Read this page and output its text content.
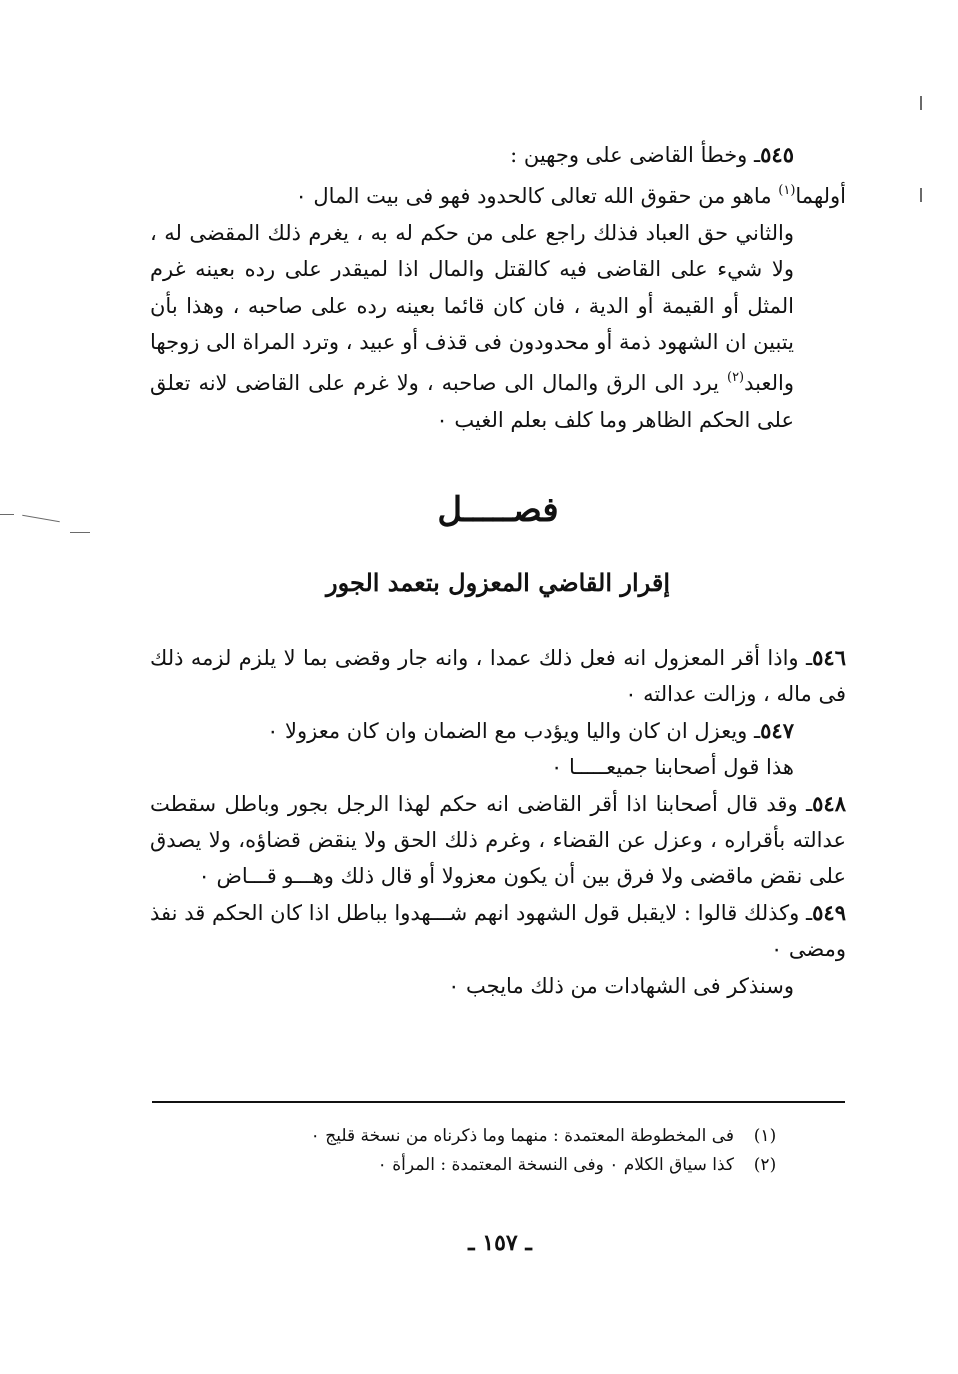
٥٤٥ـ وخطأ القاضى على وجهين :

أولهما$^{(١)}$ ماهو من حقوق الله تعالى كالحدود فهو فى بيت المال ٠

والثاني حق العباد فذلك راجع على من حكم له به ، يغرم ذلك المقضى له ، ولا شيء على القاضى فيه كالقتل والمال اذا لميقدر على رده بعينه غرم المثل أو القيمة أو الدية ، فان كان قائما بعينه رده على صاحبه ، وهذا بأن يتبين ان الشهود ذمة أو محدودون فى قذف أو عبيد ، وترد المراة الى زوجها والعبد$^{(٢)}$ يرد الى الرق والمال الى صاحبه ، ولا غرم على القاضى لانه تعلق على الحكم الظاهر وما كلف بعلم الغيب ٠

فصـــــل
إقرار القاضي المعزول بتعمد الجور

٥٤٦ـ واذا أقر المعزول انه فعل ذلك عمدا ، وانه جار وقضى بما لا يلزم لزمه ذلك فى ماله ، وزالت عدالته ٠

٥٤٧ـ ويعزل ان كان واليا ويؤدب مع الضمان وان كان معزولا ٠

هذا قول أصحابنا جميعـــــا ٠

٥٤٨ـ وقد قال أصحابنا اذا أقر القاضى انه حكم لهذا الرجل بجور وباطل سقطت عدالته بأقراره ، وعزل عن القضاء ، وغرم ذلك الحق ولا ينقض قضاؤه، ولا يصدق على نقض ماقضى ولا فرق بين أن يكون معزولا أو قال ذلك وهـــو قـــاض ٠

٥٤٩ـ وكذلك قالوا : لايقبل قول الشهود انهم شـــهدوا بباطل اذا كان الحكم قد نفذ ومضى ٠

وسنذكر فى الشهادات من ذلك مايجب ٠

(١)
فى المخطوطة المعتمدة : منهما وما ذكرناه من نسخة قليج ٠
(٢)
كذا سياق الكلام ٠ وفى النسخة المعتمدة : المرأة ٠
ـ ١٥٧ ـ
